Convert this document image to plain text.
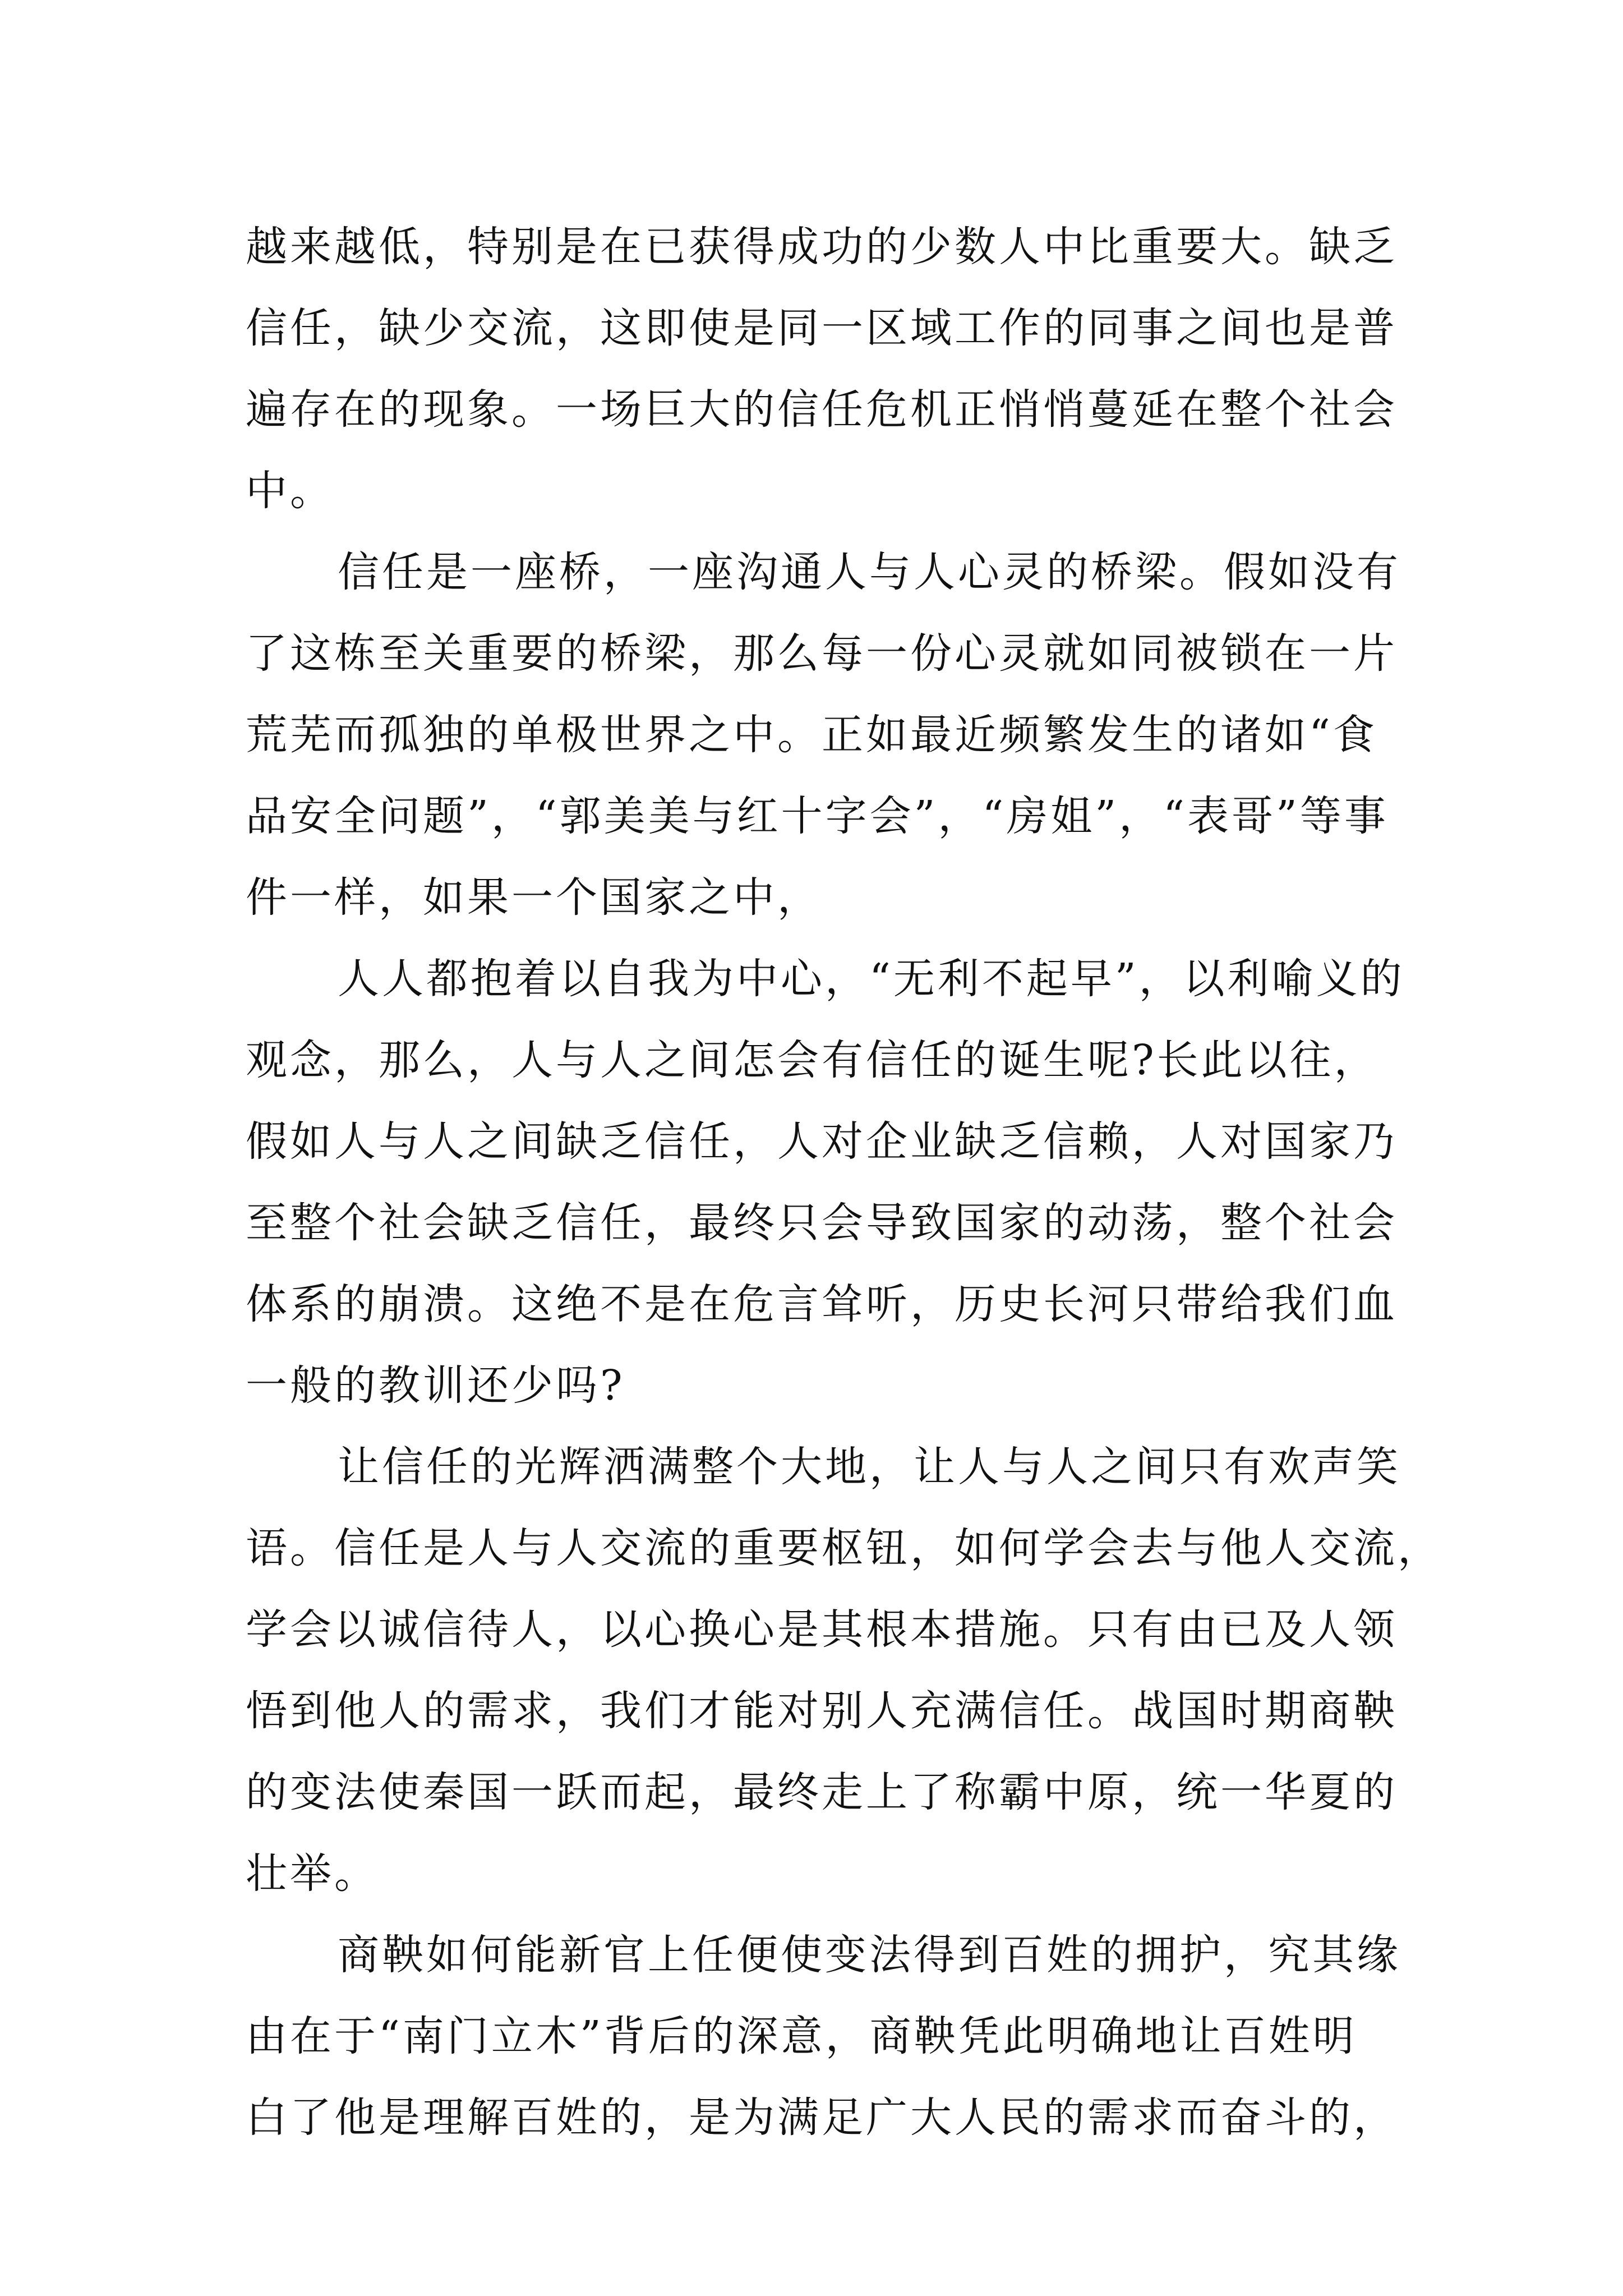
越来越低，特别是在已获得成功的少数人中比重要大。缺乏
信任，缺少交流，这即使是同一区域工作的同事之间也是普
遍存在的现象。一场巨大的信任危机正悄悄蔓延在整个社会
中。
信任是一座桥，一座沟通人与人心灵的桥梁。假如没有
了这栋至关重要的桥梁，那么每一份心灵就如同被锁在一片
荒芜而孤独的单极世界之中。正如最近频繁发生的诸如“食
品安全问题”，“郭美美与红十字会”，“房姐”，“表哥”等事
件一样，如果一个国家之中，
人人都抱着以自我为中心，“无利不起早”，以利喻义的
观念，那么，人与人之间怎会有信任的诞生呢?长此以往，
假如人与人之间缺乏信任，人对企业缺乏信赖，人对国家乃
至整个社会缺乏信任，最终只会导致国家的动荡，整个社会
体系的崩溃。这绝不是在危言耸听，历史长河只带给我们血
一般的教训还少吗?
让信任的光辉洒满整个大地，让人与人之间只有欢声笑
语。信任是人与人交流的重要枢钮，如何学会去与他人交流，
学会以诚信待人，以心换心是其根本措施。只有由已及人领
悟到他人的需求，我们才能对别人充满信任。战国时期商鞅
的变法使秦国一跃而起，最终走上了称霸中原，统一华夏的
壮举。
商鞅如何能新官上任便使变法得到百姓的拥护，究其缘
由在于“南门立木”背后的深意，商鞅凭此明确地让百姓明
白了他是理解百姓的，是为满足广大人民的需求而奋斗的，
